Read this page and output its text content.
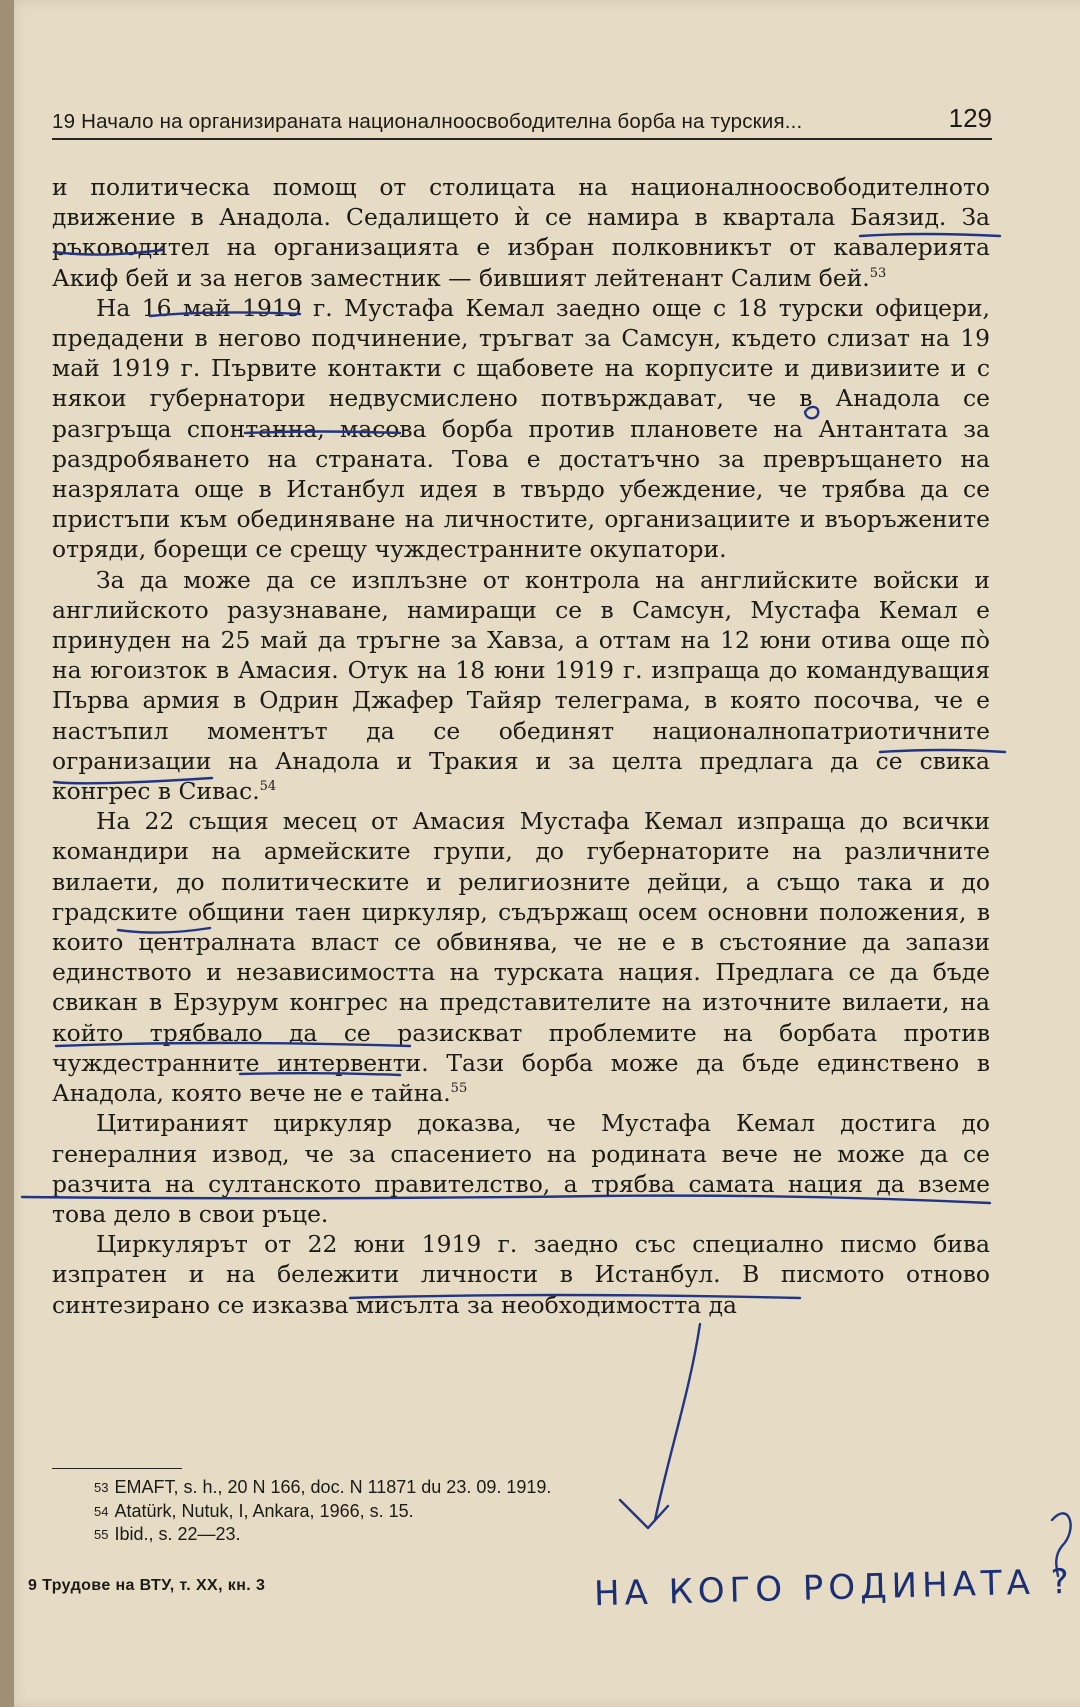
19 Начало на организираната националноосвободителна борба на турския...	129

и политическа помощ от столицата на националноосвободителното движение в Анадола. Седалището ѝ се намира в квартала Баязид. За ръководител на организацията е избран полковникът от кавалерията Акиф бей и за негов заместник — бившият лейтенант Салим бей.$^{53}$

На 16 май 1919 г. Мустафа Кемал заедно още с 18 турски офицери, предадени в негово подчинение, тръгват за Самсун, където слизат на 19 май 1919 г. Първите контакти с щабовете на корпусите и дивизиите и с някои губернатори недвусмислено потвърждават, че в Анадола се разгръща спонтанна, масова борба против плановете на Антантата за раздробяването на страната. Това е достатъчно за превръщането на назрялата още в Истанбул идея в твърдо убеждение, че трябва да се пристъпи към обединяване на личностите, организациите и въоръжените отряди, борещи се срещу чуждестранните окупатори.

За да може да се изплъзне от контрола на английските войски и английското разузнаване, намиращи се в Самсун, Мустафа Кемал е принуден на 25 май да тръгне за Хавза, а оттам на 12 юни отива още по̀ на югоизток в Амасия. Отук на 18 юни 1919 г. изпраща до командуващия Първа армия в Одрин Джафер Тайяр телеграма, в която посочва, че е настъпил моментът да се обединят националнопатриотичните огранизации на Анадола и Тракия и за целта предлага да се свика конгрес в Сивас.$^{54}$

На 22 същия месец от Амасия Мустафа Кемал изпраща до всички командири на армейските групи, до губернаторите на различните вилаети, до политическите и религиозните дейци, а също така и до градските общини таен циркуляр, съдържащ осем основни положения, в които централната власт се обвинява, че не е в състояние да запази единството и независимостта на турската нация. Предлага се да бъде свикан в Ерзурум конгрес на представителите на източните вилаети, на който трябвало да се разискват проблемите на борбата против чуждестранните интервенти. Тази борба може да бъде единствено в Анадола, която вече не е тайна.$^{55}$

Цитираният циркуляр доказва, че Мустафа Кемал достига до генералния извод, че за спасението на родината вече не може да се разчита на султанското правителство, а трябва самата нация да вземе това дело в свои ръце.

Циркулярът от 22 юни 1919 г. заедно със специално писмо бива изпратен и на бележити личности в Истанбул. В писмото отново синтезирано се изказва мисълта за необходимостта да

$^{53}$ EMAFT, s. h., 20 N 166, doc. N 11871 du 23. 09. 1919.
$^{54}$ Atatürk, Nutuk, I, Ankara, 1966, s. 15.
$^{55}$ Ibid., s. 22—23.
9 Трудове на ВТУ, т. XX, кн. 3	НА КОГО РОДИНАТА ?
